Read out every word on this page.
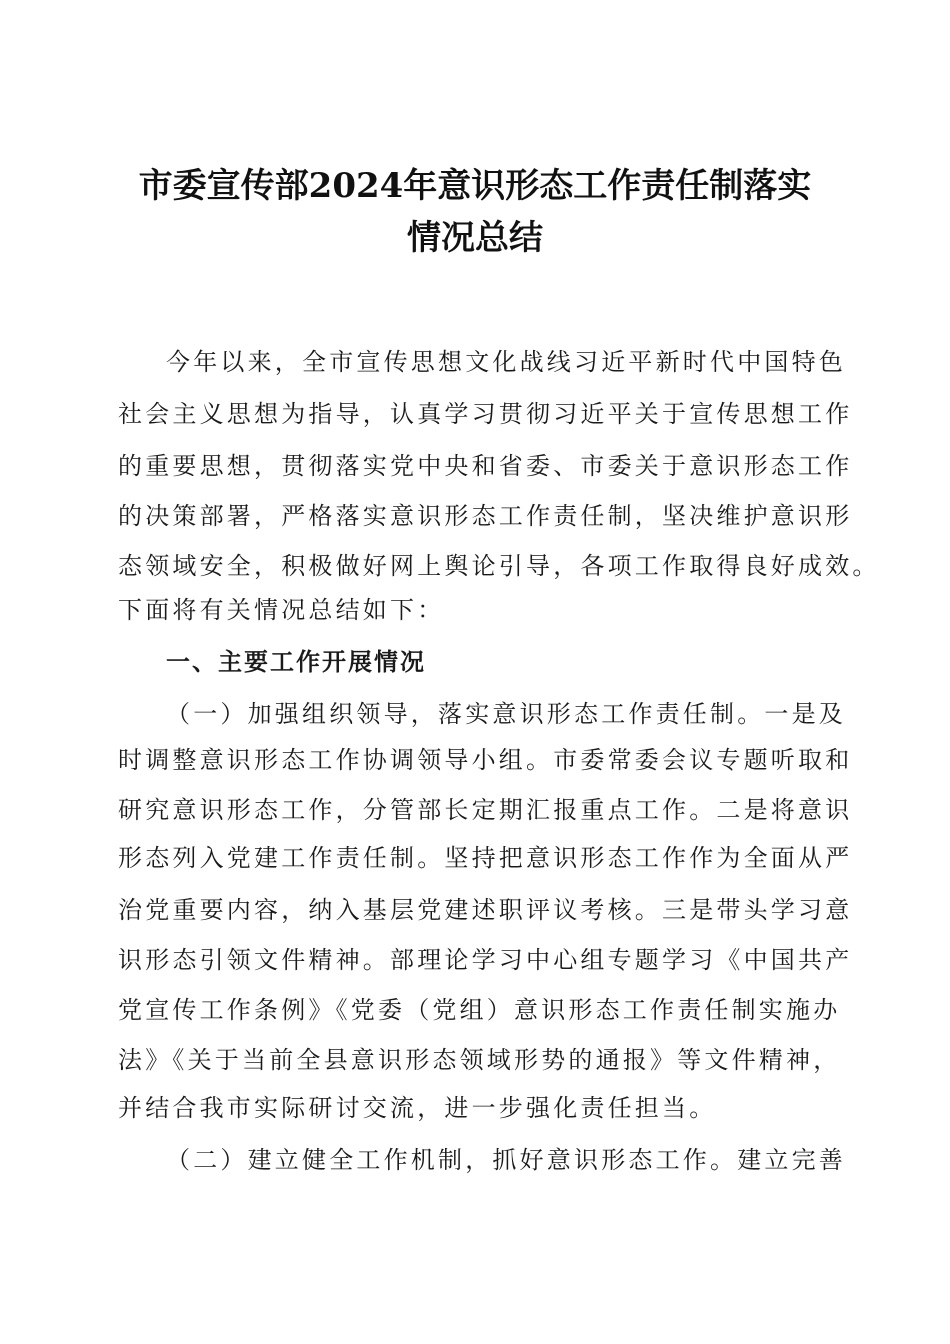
市委宣传部2024年意识形态工作责任制落实
情况总结

今年以来，全市宣传思想文化战线习近平新时代中国特色

社会主义思想为指导，认真学习贯彻习近平关于宣传思想工作

的重要思想，贯彻落实党中央和省委、市委关于意识形态工作

的决策部署，严格落实意识形态工作责任制，坚决维护意识形

态领域安全，积极做好网上舆论引导，各项工作取得良好成效。

下面将有关情况总结如下：

一、主要工作开展情况

（一）加强组织领导，落实意识形态工作责任制。一是及

时调整意识形态工作协调领导小组。市委常委会议专题听取和

研究意识形态工作，分管部长定期汇报重点工作。二是将意识

形态列入党建工作责任制。坚持把意识形态工作作为全面从严

治党重要内容，纳入基层党建述职评议考核。三是带头学习意

识形态引领文件精神。部理论学习中心组专题学习《中国共产

党宣传工作条例》《党委（党组）意识形态工作责任制实施办

法》《关于当前全县意识形态领域形势的通报》等文件精神，

并结合我市实际研讨交流，进一步强化责任担当。

（二）建立健全工作机制，抓好意识形态工作。建立完善
